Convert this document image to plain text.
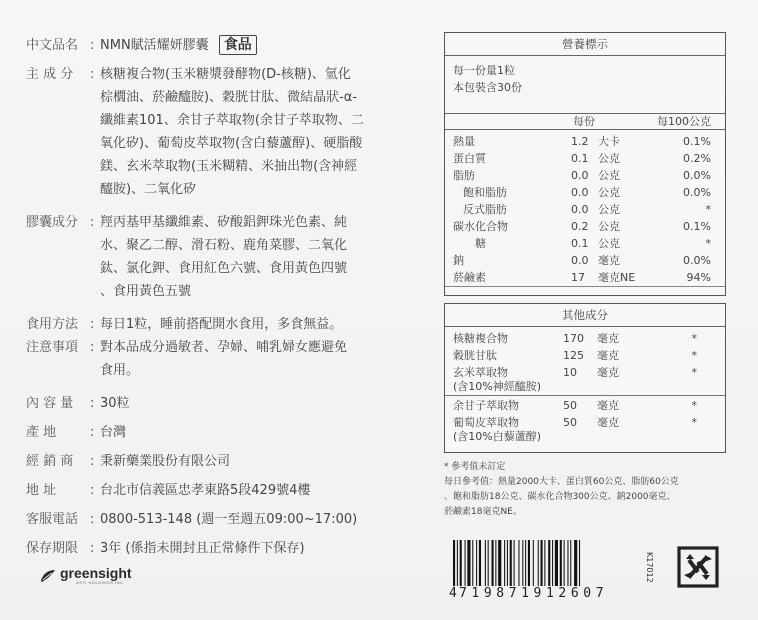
中文品名 : NMN賦活耀妍膠囊 食品
主 成 分	: 核糖複合物(玉米糖漿發酵物(D-核糖)、氫化
棕櫚油、菸鹼醯胺)、穀胱甘肽、微結晶狀-α-
纖維素101、余甘子萃取物(余甘子萃取物、二
氧化矽)、葡萄皮萃取物(含白藜蘆醇)、硬脂酸
鎂、玄米萃取物(玉米糊精、米抽出物(含神經
醯胺)、二氧化矽
膠囊成分 : 羥丙基甲基纖維素、矽酸鋁鉀珠光色素、純
水、聚乙二醇、滑石粉、鹿角菜膠、二氧化
鈦、氯化鉀、食用紅色六號、食用黃色四號
、食用黃色五號
食用方法 : 每日1粒，睡前搭配開水食用，多食無益。
注意事項 : 對本品成分過敏者、孕婦、哺乳婦女應避免
食用。
內 容 量	: 30粒
產 地	: 台灣
經 銷 商	: 秉新藥業股份有限公司
地 址	: 台北市信義區忠孝東路5段429號4樓
客服電話 : 0800-513-148 (週一至週五09:00~17:00)
保存期限 : 3年 (係指未開封且正常條件下保存)
greensight
ASTI HOLDINGS INC.
營養標示
每一份量1粒
本包裝含30份
每份	每100公克
熱量	1.2 大卡	0.1%
蛋白質	0.1 公克	0.2%
脂肪	0.0 公克	0.0%
飽和脂肪	0.0 公克	0.0%
反式脂肪	0.0 公克	*
碳水化合物	0.2 公克	0.1%
糖	0.1 公克	*
鈉	0.0 毫克	0.0%
菸鹼素	17 毫克NE	94%
其他成分
核糖複合物	170 毫克	*
穀胱甘肽	125 毫克	*
玄米萃取物
(含10%神經醯胺)
10 毫克	*
余甘子萃取物	50 毫克	*
葡萄皮萃取物
(含10%白藜蘆醇)
50 毫克	*
* 參考值未訂定
每日參考值：熱量2000大卡、蛋白質60公克、脂肪60公克
、飽和脂肪18公克、碳水化合物300公克、鈉2000毫克、
菸鹼素18毫克NE。
4
719871912607
K17012
